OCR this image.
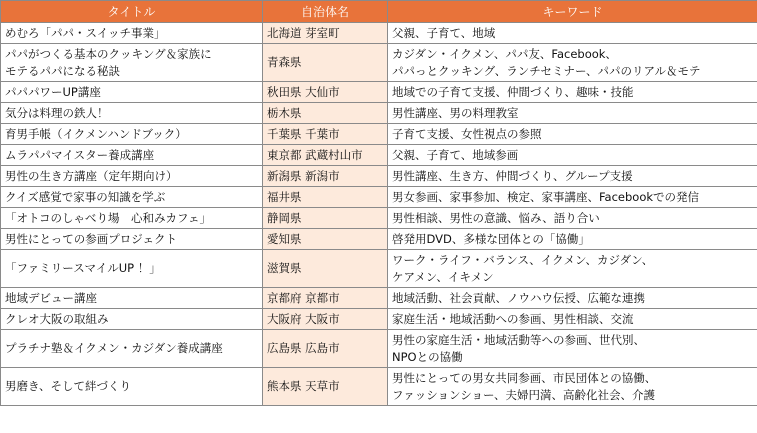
タイトル	自治体名	キーワード
めむろ「パパ・スイッチ事業」	北海道 芽室町	父親、子育て、地域
パパがつくる基本のクッキング＆家族に
モテるパパになる秘訣	青森県	カジダン・イクメン、パパ友、Facebook、
パパっとクッキング、ランチセミナー、パパのリアル＆モテ
パパパワーUP講座	秋田県 大仙市	地域での子育て支援、仲間づくり、趣味・技能
気分は料理の鉄人！	栃木県	男性講座、男の料理教室
育男手帳（イクメンハンドブック）	千葉県 千葉市	子育て支援、女性視点の参照
ムラパパマイスター養成講座	東京都 武蔵村山市	父親、子育て、地域参画
男性の生き方講座（定年期向け）	新潟県 新潟市	男性講座、生き方、仲間づくり、グループ支援
クイズ感覚で家事の知識を学ぶ	福井県	男女参画、家事参加、検定、家事講座、Facebookでの発信
「オトコのしゃべり場　心和みカフェ」	静岡県	男性相談、男性の意識、悩み、語り合い
男性にとっての参画プロジェクト	愛知県	啓発用DVD、多様な団体との「協働」
「ファミリースマイルUP ！」	滋賀県	ワーク・ライフ・バランス、イクメン、カジダン、
ケアメン、イキメン
地域デビュー講座	京都府 京都市	地域活動、社会貢献、ノウハウ伝授、広範な連携
クレオ大阪の取組み	大阪府 大阪市	家庭生活・地域活動への参画、男性相談、交流
プラチナ塾＆イクメン・カジダン養成講座	広島県 広島市	男性の家庭生活・地域活動等への参画、世代別、
NPOとの協働
男磨き、そして絆づくり	熊本県 天草市	男性にとっての男女共同参画、市民団体との協働、
ファッションショー、夫婦円満、高齢化社会、介護
